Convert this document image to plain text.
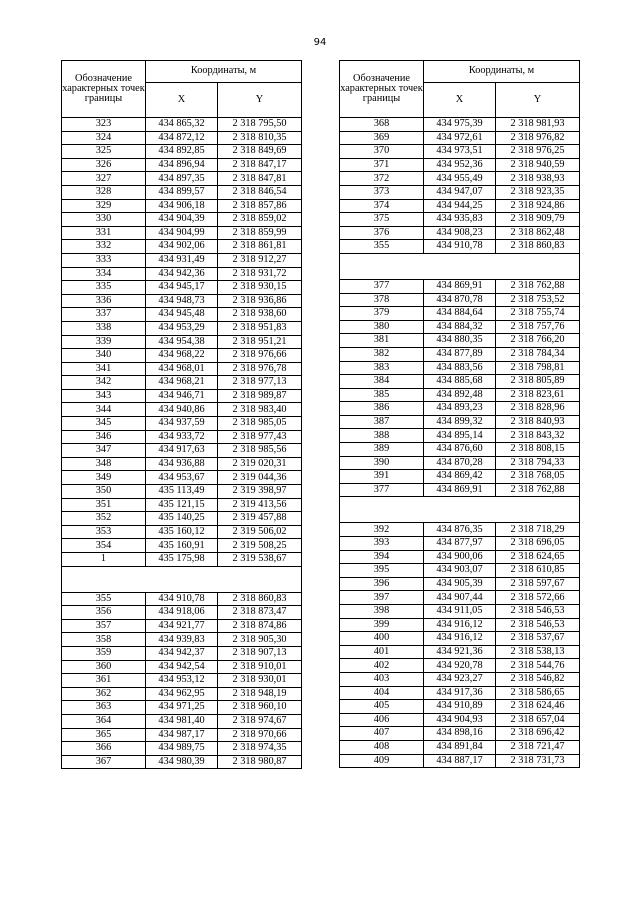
94
Обозначение характерных точек границы	Координаты, м	
	X	Y
323	434 865,32	2 318 795,50
324	434 872,12	2 318 810,35
325	434 892,85	2 318 849,69
326	434 896,94	2 318 847,17
327	434 897,35	2 318 847,81
328	434 899,57	2 318 846,54
329	434 906,18	2 318 857,86
330	434 904,39	2 318 859,02
331	434 904,99	2 318 859,99
332	434 902,06	2 318 861,81
333	434 931,49	2 318 912,27
334	434 942,36	2 318 931,72
335	434 945,17	2 318 930,15
336	434 948,73	2 318 936,86
337	434 945,48	2 318 938,60
338	434 953,29	2 318 951,83
339	434 954,38	2 318 951,21
340	434 968,22	2 318 976,66
341	434 968,01	2 318 976,78
342	434 968,21	2 318 977,13
343	434 946,71	2 318 989,87
344	434 940,86	2 318 983,40
345	434 937,59	2 318 985,05
346	434 933,72	2 318 977,43
347	434 917,63	2 318 985,56
348	434 936,88	2 319 020,31
349	434 953,67	2 319 044,36
350	435 113,49	2 319 398,97
351	435 121,15	2 319 413,56
352	435 140,25	2 319 457,88
353	435 160,12	2 319 506,02
354	435 160,91	2 319 508,25
1	435 175,98	2 319 538,67

355	434 910,78	2 318 860,83
356	434 918,06	2 318 873,47
357	434 921,77	2 318 874,86
358	434 939,83	2 318 905,30
359	434 942,37	2 318 907,13
360	434 942,54	2 318 910,01
361	434 953,12	2 318 930,01
362	434 962,95	2 318 948,19
363	434 971,25	2 318 960,10
364	434 981,40	2 318 974,67
365	434 987,17	2 318 970,66
366	434 989,75	2 318 974,35
367	434 980,39	2 318 980,87
Обозначение характерных точек границы	Координаты, м	
	X	Y
368	434 975,39	2 318 981,93
369	434 972,61	2 318 976,82
370	434 973,51	2 318 976,25
371	434 952,36	2 318 940,59
372	434 955,49	2 318 938,93
373	434 947,07	2 318 923,35
374	434 944,25	2 318 924,86
375	434 935,83	2 318 909,79
376	434 908,23	2 318 862,48
355	434 910,78	2 318 860,83

377	434 869,91	2 318 762,88
378	434 870,78	2 318 753,52
379	434 884,64	2 318 755,74
380	434 884,32	2 318 757,76
381	434 880,35	2 318 766,20
382	434 877,89	2 318 784,34
383	434 883,56	2 318 798,81
384	434 885,68	2 318 805,89
385	434 892,48	2 318 823,61
386	434 893,23	2 318 828,96
387	434 899,32	2 318 840,93
388	434 895,14	2 318 843,32
389	434 876,60	2 318 808,15
390	434 870,28	2 318 794,33
391	434 869,42	2 318 768,05
377	434 869,91	2 318 762,88

392	434 876,35	2 318 718,29
393	434 877,97	2 318 696,05
394	434 900,06	2 318 624,65
395	434 903,07	2 318 610,85
396	434 905,39	2 318 597,67
397	434 907,44	2 318 572,66
398	434 911,05	2 318 546,53
399	434 916,12	2 318 546,53
400	434 916,12	2 318 537,67
401	434 921,36	2 318 538,13
402	434 920,78	2 318 544,76
403	434 923,27	2 318 546,82
404	434 917,36	2 318 586,65
405	434 910,89	2 318 624,46
406	434 904,93	2 318 657,04
407	434 898,16	2 318 696,42
408	434 891,84	2 318 721,47
409	434 887,17	2 318 731,73
